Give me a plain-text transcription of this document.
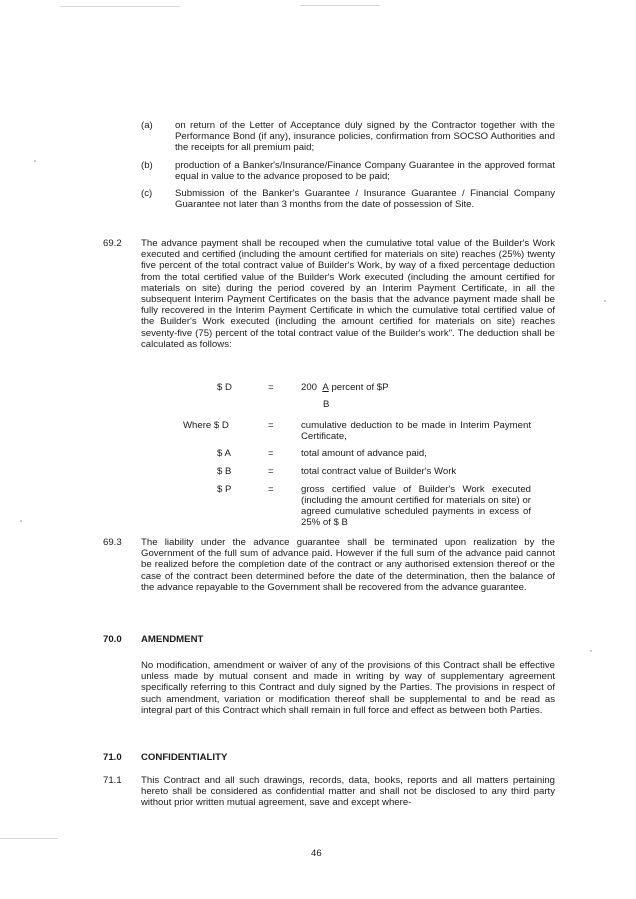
(a) on return of the Letter of Acceptance duly signed by the Contractor together with the Performance Bond (if any), insurance policies, confirmation from SOCSO Authorities and the receipts for all premium paid;
(b) production of a Banker's/Insurance/Finance Company Guarantee in the approved format equal in value to the advance proposed to be paid;
(c) Submission of the Banker's Guarantee / Insurance Guarantee / Financial Company Guarantee not later than 3 months from the date of possession of Site.
69.2 The advance payment shall be recouped when the cumulative total value of the Builder's Work executed and certified (including the amount certified for materials on site) reaches (25%) twenty five percent of the total contract value of Builder's Work, by way of a fixed percentage deduction from the total certified value of the Builder's Work executed (including the amount certified for materials on site) during the period covered by an Interim Payment Certificate, in all the subsequent Interim Payment Certificates on the basis that the advance payment made shall be fully recovered in the Interim Payment Certificate in which the cumulative total certified value of the Builder's Work executed (including the amount certified for materials on site) reaches seventy-five (75) percent of the total contract value of the Builder's work". The deduction shall be calculated as follows:
$ D	=	200 A percent of $P
B
Where $ D	=	cumulative deduction to be made in Interim Payment Certificate,
$ A	=	total amount of advance paid,
$ B	=	total contract value of Builder's Work
$ P	=	gross certified value of Builder's Work executed (including the amount certified for materials on site) or agreed cumulative scheduled payments in excess of 25% of $ B
69.3 The liability under the advance guarantee shall be terminated upon realization by the Government of the full sum of advance paid. However if the full sum of the advance paid cannot be realized before the completion date of the contract or any authorised extension thereof or the case of the contract been determined before the date of the determination, then the balance of the advance repayable to the Government shall be recovered from the advance guarantee.
70.0 AMENDMENT
No modification, amendment or waiver of any of the provisions of this Contract shall be effective unless made by mutual consent and made in writing by way of supplementary agreement specifically referring to this Contract and duly signed by the Parties. The provisions in respect of such amendment, variation or modification thereof shall be supplemental to and be read as integral part of this Contract which shall remain in full force and effect as between both Parties.
71.0 CONFIDENTIALITY
71.1 This Contract and all such drawings, records, data, books, reports and all matters pertaining hereto shall be considered as confidential matter and shall not be disclosed to any third party without prior written mutual agreement, save and except where-
46
